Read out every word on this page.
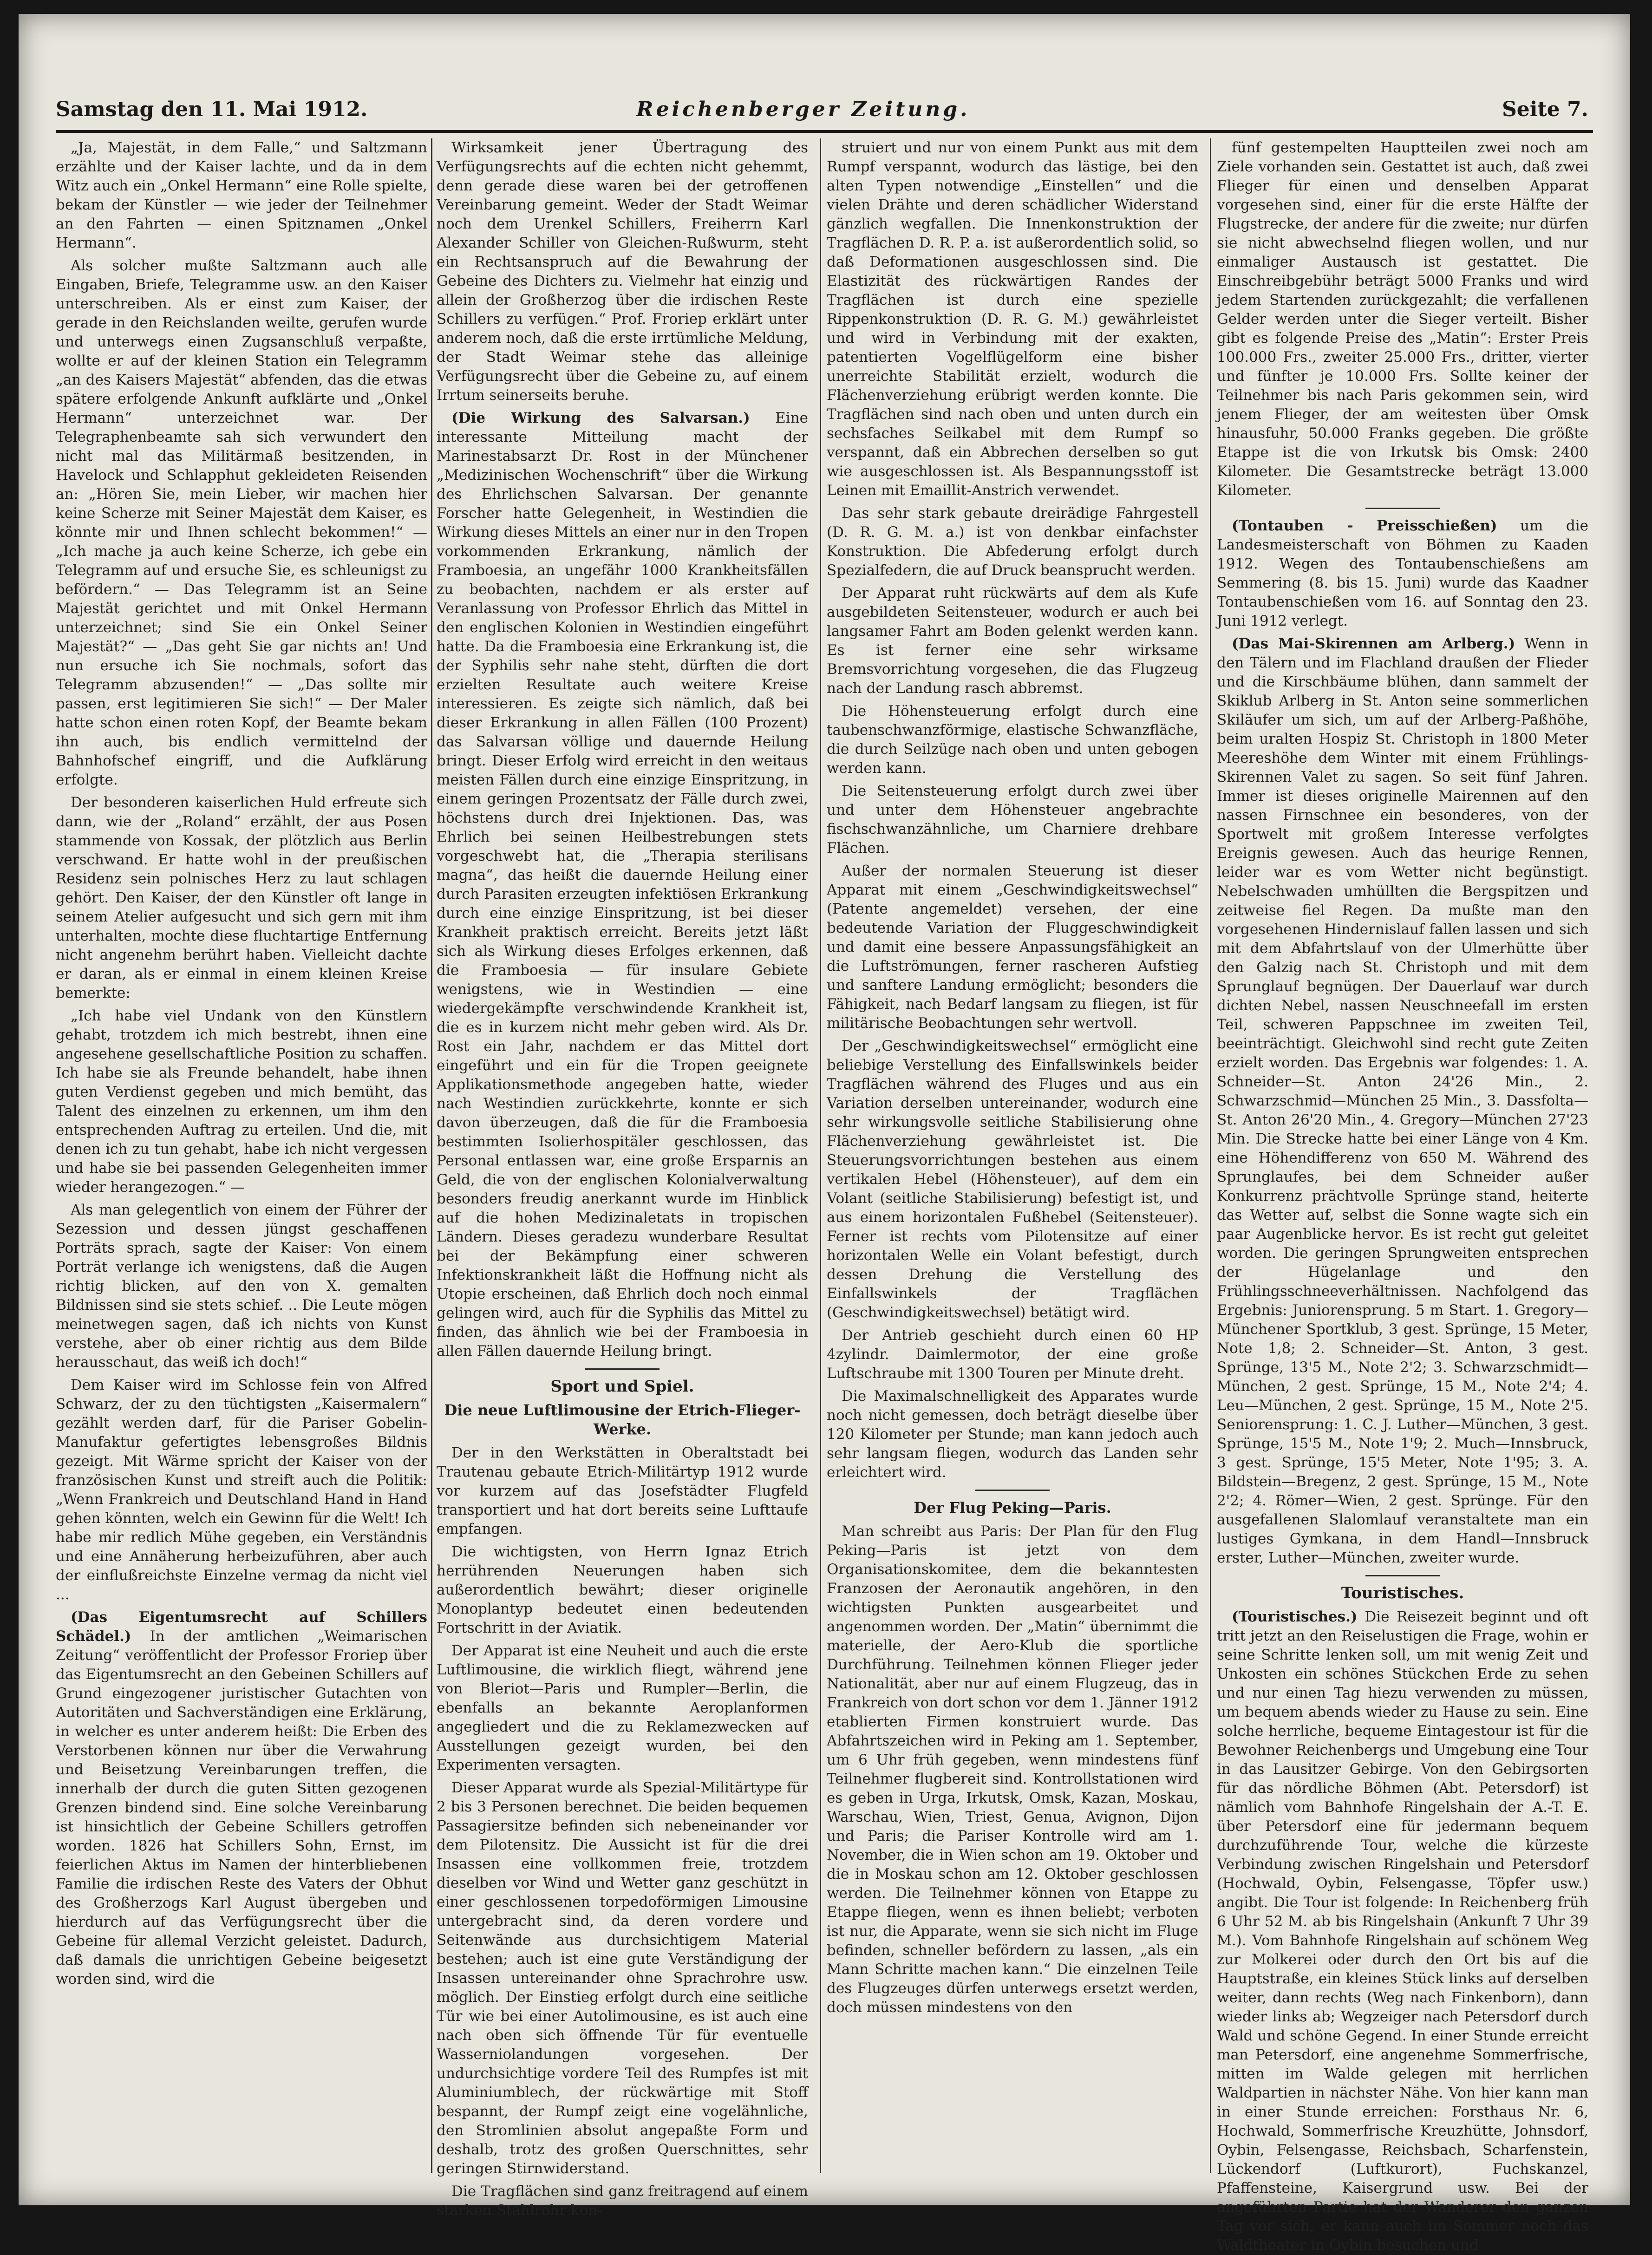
Samstag den 11. Mai 1912.	Reichenberger Zeitung.	Seite 7.

„Ja, Majestät, in dem Falle,“ und Saltzmann erzählte und der Kaiser lachte, und da in dem Witz auch ein „Onkel Hermann“ eine Rolle spielte, bekam der Künstler — wie jeder der Teilnehmer an den Fahrten — einen Spitznamen „Onkel Hermann“.

Als solcher mußte Saltzmann auch alle Eingaben, Briefe, Telegramme usw. an den Kaiser unterschreiben. Als er einst zum Kaiser, der gerade in den Reichslanden weilte, gerufen wurde und unterwegs einen Zugsanschluß verpaßte, wollte er auf der kleinen Station ein Telegramm „an des Kaisers Majestät“ abfenden, das die etwas spätere erfolgende Ankunft aufklärte und „Onkel Hermann“ unterzeichnet war. Der Telegraphenbeamte sah sich verwundert den nicht mal das Militärmaß besitzenden, in Havelock und Schlapphut gekleideten Reisenden an: „Hören Sie, mein Lieber, wir machen hier keine Scherze mit Seiner Majestät dem Kaiser, es könnte mir und Ihnen schlecht bekommen!“ — „Ich mache ja auch keine Scherze, ich gebe ein Telegramm auf und ersuche Sie, es schleunigst zu befördern.“ — Das Telegramm ist an Seine Majestät gerichtet und mit Onkel Hermann unterzeichnet; sind Sie ein Onkel Seiner Majestät?“ — „Das geht Sie gar nichts an! Und nun ersuche ich Sie nochmals, sofort das Telegramm abzusenden!“ — „Das sollte mir passen, erst legitimieren Sie sich!“ — Der Maler hatte schon einen roten Kopf, der Beamte bekam ihn auch, bis endlich vermittelnd der Bahnhofschef eingriff, und die Aufklärung erfolgte.

Der besonderen kaiserlichen Huld erfreute sich dann, wie der „Roland“ erzählt, der aus Posen stammende von Kossak, der plötzlich aus Berlin verschwand. Er hatte wohl in der preußischen Residenz sein polnisches Herz zu laut schlagen gehört. Den Kaiser, der den Künstler oft lange in seinem Atelier aufgesucht und sich gern mit ihm unterhalten, mochte diese fluchtartige Entfernung nicht angenehm berührt haben. Vielleicht dachte er daran, als er einmal in einem kleinen Kreise bemerkte:

„Ich habe viel Undank von den Künstlern gehabt, trotzdem ich mich bestrebt, ihnen eine angesehene gesellschaftliche Position zu schaffen. Ich habe sie als Freunde behandelt, habe ihnen guten Verdienst gegeben und mich bemüht, das Talent des einzelnen zu erkennen, um ihm den entsprechenden Auftrag zu erteilen. Und die, mit denen ich zu tun gehabt, habe ich nicht vergessen und habe sie bei passenden Gelegenheiten immer wieder herangezogen.“ —

Als man gelegentlich von einem der Führer der Sezession und dessen jüngst geschaffenen Porträts sprach, sagte der Kaiser: Von einem Porträt verlange ich wenigstens, daß die Augen richtig blicken, auf den von X. gemalten Bildnissen sind sie stets schief. .. Die Leute mögen meinetwegen sagen, daß ich nichts von Kunst verstehe, aber ob einer richtig aus dem Bilde herausschaut, das weiß ich doch!“

Dem Kaiser wird im Schlosse fein von Alfred Schwarz, der zu den tüchtigsten „Kaisermalern“ gezählt werden darf, für die Pariser Gobelin-Manufaktur gefertigtes lebensgroßes Bildnis gezeigt. Mit Wärme spricht der Kaiser von der französischen Kunst und streift auch die Politik: „Wenn Frankreich und Deutschland Hand in Hand gehen könnten, welch ein Gewinn für die Welt! Ich habe mir redlich Mühe gegeben, ein Verständnis und eine Annäherung herbeizuführen, aber auch der einflußreichste Einzelne vermag da nicht viel ...

(Das Eigentumsrecht auf Schillers Schädel.) In der amtlichen „Weimarischen Zeitung“ veröffentlicht der Professor Froriep über das Eigentumsrecht an den Gebeinen Schillers auf Grund eingezogener juristischer Gutachten von Autoritäten und Sachverständigen eine Erklärung, in welcher es unter anderem heißt: Die Erben des Verstorbenen können nur über die Verwahrung und Beisetzung Vereinbarungen treffen, die innerhalb der durch die guten Sitten gezogenen Grenzen bindend sind. Eine solche Vereinbarung ist hinsichtlich der Gebeine Schillers getroffen worden. 1826 hat Schillers Sohn, Ernst, im feierlichen Aktus im Namen der hinterbliebenen Familie die irdischen Reste des Vaters der Obhut des Großherzogs Karl August übergeben und hierdurch auf das Verfügungsrecht über die Gebeine für allemal Verzicht geleistet. Dadurch, daß damals die unrichtigen Gebeine beigesetzt worden sind, wird die

Wirksamkeit jener Übertragung des Verfügungsrechts auf die echten nicht gehemmt, denn gerade diese waren bei der getroffenen Vereinbarung gemeint. Weder der Stadt Weimar noch dem Urenkel Schillers, Freiherrn Karl Alexander Schiller von Gleichen-Rußwurm, steht ein Rechtsanspruch auf die Bewahrung der Gebeine des Dichters zu. Vielmehr hat einzig und allein der Großherzog über die irdischen Reste Schillers zu verfügen.“ Prof. Froriep erklärt unter anderem noch, daß die erste irrtümliche Meldung, der Stadt Weimar stehe das alleinige Verfügungsrecht über die Gebeine zu, auf einem Irrtum seinerseits beruhe.

(Die Wirkung des Salvarsan.) Eine interessante Mitteilung macht der Marinestabsarzt Dr. Rost in der Münchener „Medizinischen Wochenschrift“ über die Wirkung des Ehrlichschen Salvarsan. Der genannte Forscher hatte Gelegenheit, in Westindien die Wirkung dieses Mittels an einer nur in den Tropen vorkommenden Erkrankung, nämlich der Framboesia, an ungefähr 1000 Krankheitsfällen zu beobachten, nachdem er als erster auf Veranlassung von Professor Ehrlich das Mittel in den englischen Kolonien in Westindien eingeführt hatte. Da die Framboesia eine Erkrankung ist, die der Syphilis sehr nahe steht, dürften die dort erzielten Resultate auch weitere Kreise interessieren. Es zeigte sich nämlich, daß bei dieser Erkrankung in allen Fällen (100 Prozent) das Salvarsan völlige und dauernde Heilung bringt. Dieser Erfolg wird erreicht in den weitaus meisten Fällen durch eine einzige Einspritzung, in einem geringen Prozentsatz der Fälle durch zwei, höchstens durch drei Injektionen. Das, was Ehrlich bei seinen Heilbestrebungen stets vorgeschwebt hat, die „Therapia sterilisans magna“, das heißt die dauernde Heilung einer durch Parasiten erzeugten infektiösen Erkrankung durch eine einzige Einspritzung, ist bei dieser Krankheit praktisch erreicht. Bereits jetzt läßt sich als Wirkung dieses Erfolges erkennen, daß die Framboesia — für insulare Gebiete wenigstens, wie in Westindien — eine wiedergekämpfte verschwindende Krankheit ist, die es in kurzem nicht mehr geben wird. Als Dr. Rost ein Jahr, nachdem er das Mittel dort eingeführt und ein für die Tropen geeignete Applikationsmethode angegeben hatte, wieder nach Westindien zurückkehrte, konnte er sich davon überzeugen, daß die für die Framboesia bestimmten Isolierhospitäler geschlossen, das Personal entlassen war, eine große Ersparnis an Geld, die von der englischen Kolonialverwaltung besonders freudig anerkannt wurde im Hinblick auf die hohen Medizinaletats in tropischen Ländern. Dieses geradezu wunderbare Resultat bei der Bekämpfung einer schweren Infektionskrankheit läßt die Hoffnung nicht als Utopie erscheinen, daß Ehrlich doch noch einmal gelingen wird, auch für die Syphilis das Mittel zu finden, das ähnlich wie bei der Framboesia in allen Fällen dauernde Heilung bringt.

Sport und Spiel.
Die neue Luftlimousine der Etrich-Flieger-Werke.

Der in den Werkstätten in Oberaltstadt bei Trautenau gebaute Etrich-Militärtyp 1912 wurde vor kurzem auf das Josefstädter Flugfeld transportiert und hat dort bereits seine Lufttaufe empfangen.

Die wichtigsten, von Herrn Ignaz Etrich herrührenden Neuerungen haben sich außerordentlich bewährt; dieser originelle Monoplantyp bedeutet einen bedeutenden Fortschritt in der Aviatik.

Der Apparat ist eine Neuheit und auch die erste Luftlimousine, die wirklich fliegt, während jene von Bleriot—Paris und Rumpler—Berlin, die ebenfalls an bekannte Aeroplanformen angegliedert und die zu Reklamezwecken auf Ausstellungen gezeigt wurden, bei den Experimenten versagten.

Dieser Apparat wurde als Spezial-Militärtype für 2 bis 3 Personen berechnet. Die beiden bequemen Passagiersitze befinden sich nebeneinander vor dem Pilotensitz. Die Aussicht ist für die drei Insassen eine vollkommen freie, trotzdem dieselben vor Wind und Wetter ganz geschützt in einer geschlossenen torpedoförmigen Limousine untergebracht sind, da deren vordere und Seitenwände aus durchsichtigem Material bestehen; auch ist eine gute Verständigung der Insassen untereinander ohne Sprachrohre usw. möglich. Der Einstieg erfolgt durch eine seitliche Tür wie bei einer Autolimousine, es ist auch eine nach oben sich öffnende Tür für eventuelle Wasserniolandungen vorgesehen. Der undurchsichtige vordere Teil des Rumpfes ist mit Aluminiumblech, der rückwärtige mit Stoff bespannt, der Rumpf zeigt eine vogelähnliche, den Stromlinien absolut angepaßte Form und deshalb, trotz des großen Querschnittes, sehr geringen Stirnwiderstand.

Die Tragflächen sind ganz freitragend auf einem starken Stahlrohr kon-

struiert und nur von einem Punkt aus mit dem Rumpf verspannt, wodurch das lästige, bei den alten Typen notwendige „Einstellen“ und die vielen Drähte und deren schädlicher Widerstand gänzlich wegfallen. Die Innenkonstruktion der Tragflächen D. R. P. a. ist außerordentlich solid, so daß Deformationen ausgeschlossen sind. Die Elastizität des rückwärtigen Randes der Tragflächen ist durch eine spezielle Rippenkonstruktion (D. R. G. M.) gewährleistet und wird in Verbindung mit der exakten, patentierten Vogelflügelform eine bisher unerreichte Stabilität erzielt, wodurch die Flächenverziehung erübrigt werden konnte. Die Tragflächen sind nach oben und unten durch ein sechsfaches Seilkabel mit dem Rumpf so verspannt, daß ein Abbrechen derselben so gut wie ausgeschlossen ist. Als Bespannungsstoff ist Leinen mit Emaillit-Anstrich verwendet.

Das sehr stark gebaute dreirädige Fahrgestell (D. R. G. M. a.) ist von denkbar einfachster Konstruktion. Die Abfederung erfolgt durch Spezialfedern, die auf Druck beansprucht werden.

Der Apparat ruht rückwärts auf dem als Kufe ausgebildeten Seitensteuer, wodurch er auch bei langsamer Fahrt am Boden gelenkt werden kann. Es ist ferner eine sehr wirksame Bremsvorrichtung vorgesehen, die das Flugzeug nach der Landung rasch abbremst.

Die Höhensteuerung erfolgt durch eine taubenschwanzförmige, elastische Schwanzfläche, die durch Seilzüge nach oben und unten gebogen werden kann.

Die Seitensteuerung erfolgt durch zwei über und unter dem Höhensteuer angebrachte fischschwanzähnliche, um Charniere drehbare Flächen.

Außer der normalen Steuerung ist dieser Apparat mit einem „Geschwindigkeitswechsel“ (Patente angemeldet) versehen, der eine bedeutende Variation der Fluggeschwindigkeit und damit eine bessere Anpassungsfähigkeit an die Luftströmungen, ferner rascheren Aufstieg und sanftere Landung ermöglicht; besonders die Fähigkeit, nach Bedarf langsam zu fliegen, ist für militärische Beobachtungen sehr wertvoll.

Der „Geschwindigkeitswechsel“ ermöglicht eine beliebige Verstellung des Einfallswinkels beider Tragflächen während des Fluges und aus ein Variation derselben untereinander, wodurch eine sehr wirkungsvolle seitliche Stabilisierung ohne Flächenverziehung gewährleistet ist. Die Steuerungsvorrichtungen bestehen aus einem vertikalen Hebel (Höhensteuer), auf dem ein Volant (seitliche Stabilisierung) befestigt ist, und aus einem horizontalen Fußhebel (Seitensteuer). Ferner ist rechts vom Pilotensitze auf einer horizontalen Welle ein Volant befestigt, durch dessen Drehung die Verstellung des Einfallswinkels der Tragflächen (Geschwindigkeitswechsel) betätigt wird.

Der Antrieb geschieht durch einen 60 HP 4zylindr. Daimlermotor, der eine große Luftschraube mit 1300 Touren per Minute dreht.

Die Maximalschnelligkeit des Apparates wurde noch nicht gemessen, doch beträgt dieselbe über 120 Kilometer per Stunde; man kann jedoch auch sehr langsam fliegen, wodurch das Landen sehr erleichtert wird.

Der Flug Peking—Paris.

Man schreibt aus Paris: Der Plan für den Flug Peking—Paris ist jetzt von dem Organisationskomitee, dem die bekanntesten Franzosen der Aeronautik angehören, in den wichtigsten Punkten ausgearbeitet und angenommen worden. Der „Matin“ übernimmt die materielle, der Aero-Klub die sportliche Durchführung. Teilnehmen können Flieger jeder Nationalität, aber nur auf einem Flugzeug, das in Frankreich von dort schon vor dem 1. Jänner 1912 etablierten Firmen konstruiert wurde. Das Abfahrtszeichen wird in Peking am 1. September, um 6 Uhr früh gegeben, wenn mindestens fünf Teilnehmer flugbereit sind. Kontrollstationen wird es geben in Urga, Irkutsk, Omsk, Kazan, Moskau, Warschau, Wien, Triest, Genua, Avignon, Dijon und Paris; die Pariser Kontrolle wird am 1. November, die in Wien schon am 19. Oktober und die in Moskau schon am 12. Oktober geschlossen werden. Die Teilnehmer können von Etappe zu Etappe fliegen, wenn es ihnen beliebt; verboten ist nur, die Apparate, wenn sie sich nicht im Fluge befinden, schneller befördern zu lassen, „als ein Mann Schritte machen kann.“ Die einzelnen Teile des Flugzeuges dürfen unterwegs ersetzt werden, doch müssen mindestens von den

fünf gestempelten Hauptteilen zwei noch am Ziele vorhanden sein. Gestattet ist auch, daß zwei Flieger für einen und denselben Apparat vorgesehen sind, einer für die erste Hälfte der Flugstrecke, der andere für die zweite; nur dürfen sie nicht abwechselnd fliegen wollen, und nur einmaliger Austausch ist gestattet. Die Einschreibgebühr beträgt 5000 Franks und wird jedem Startenden zurückgezahlt; die verfallenen Gelder werden unter die Sieger verteilt. Bisher gibt es folgende Preise des „Matin“: Erster Preis 100.000 Frs., zweiter 25.000 Frs., dritter, vierter und fünfter je 10.000 Frs. Sollte keiner der Teilnehmer bis nach Paris gekommen sein, wird jenem Flieger, der am weitesten über Omsk hinausfuhr, 50.000 Franks gegeben. Die größte Etappe ist die von Irkutsk bis Omsk: 2400 Kilometer. Die Gesamtstrecke beträgt 13.000 Kilometer.

(Tontauben - Preisschießen) um die Landesmeisterschaft von Böhmen zu Kaaden 1912. Wegen des Tontaubenschießens am Semmering (8. bis 15. Juni) wurde das Kaadner Tontaubenschießen vom 16. auf Sonntag den 23. Juni 1912 verlegt.

(Das Mai-Skirennen am Arlberg.) Wenn in den Tälern und im Flachland draußen der Flieder und die Kirschbäume blühen, dann sammelt der Skiklub Arlberg in St. Anton seine sommerlichen Skiläufer um sich, um auf der Arlberg-Paßhöhe, beim uralten Hospiz St. Christoph in 1800 Meter Meereshöhe dem Winter mit einem Frühlings-Skirennen Valet zu sagen. So seit fünf Jahren. Immer ist dieses originelle Mairennen auf den nassen Firnschnee ein besonderes, von der Sportwelt mit großem Interesse verfolgtes Ereignis gewesen. Auch das heurige Rennen, leider war es vom Wetter nicht begünstigt. Nebelschwaden umhüllten die Bergspitzen und zeitweise fiel Regen. Da mußte man den vorgesehenen Hindernislauf fallen lassen und sich mit dem Abfahrtslauf von der Ulmerhütte über den Galzig nach St. Christoph und mit dem Sprunglauf begnügen. Der Dauerlauf war durch dichten Nebel, nassen Neuschneefall im ersten Teil, schweren Pappschnee im zweiten Teil, beeinträchtigt. Gleichwohl sind recht gute Zeiten erzielt worden. Das Ergebnis war folgendes: 1. A. Schneider—St. Anton 24'26 Min., 2. Schwarzschmid—München 25 Min., 3. Dassfolta—St. Anton 26'20 Min., 4. Gregory—München 27'23 Min. Die Strecke hatte bei einer Länge von 4 Km. eine Höhendifferenz von 650 M. Während des Sprunglaufes, bei dem Schneider außer Konkurrenz prächtvolle Sprünge stand, heiterte das Wetter auf, selbst die Sonne wagte sich ein paar Augenblicke hervor. Es ist recht gut geleitet worden. Die geringen Sprungweiten entsprechen der Hügelanlage und den Frühlingsschneeverhältnissen. Nachfolgend das Ergebnis: Juniorensprung. 5 m Start. 1. Gregory—Münchener Sportklub, 3 gest. Sprünge, 15 Meter, Note 1,8; 2. Schneider—St. Anton, 3 gest. Sprünge, 13'5 M., Note 2'2; 3. Schwarzschmidt—München, 2 gest. Sprünge, 15 M., Note 2'4; 4. Leu—München, 2 gest. Sprünge, 15 M., Note 2'5. Seniorensprung: 1. C. J. Luther—München, 3 gest. Sprünge, 15'5 M., Note 1'9; 2. Much—Innsbruck, 3 gest. Sprünge, 15'5 Meter, Note 1'95; 3. A. Bildstein—Bregenz, 2 gest. Sprünge, 15 M., Note 2'2; 4. Römer—Wien, 2 gest. Sprünge. Für den ausgefallenen Slalomlauf veranstaltete man ein lustiges Gymkana, in dem Handl—Innsbruck erster, Luther—München, zweiter wurde.

Touristisches.

(Touristisches.) Die Reisezeit beginnt und oft tritt jetzt an den Reiselustigen die Frage, wohin er seine Schritte lenken soll, um mit wenig Zeit und Unkosten ein schönes Stückchen Erde zu sehen und nur einen Tag hiezu verwenden zu müssen, um bequem abends wieder zu Hause zu sein. Eine solche herrliche, bequeme Eintagestour ist für die Bewohner Reichenbergs und Umgebung eine Tour in das Lausitzer Gebirge. Von den Gebirgsorten für das nördliche Böhmen (Abt. Petersdorf) ist nämlich vom Bahnhofe Ringelshain der A.-T. E. über Petersdorf eine für jedermann bequem durchzuführende Tour, welche die kürzeste Verbindung zwischen Ringelshain und Petersdorf (Hochwald, Oybin, Felsengasse, Töpfer usw.) angibt. Die Tour ist folgende: In Reichenberg früh 6 Uhr 52 M. ab bis Ringelshain (Ankunft 7 Uhr 39 M.). Vom Bahnhofe Ringelshain auf schönem Weg zur Molkerei oder durch den Ort bis auf die Hauptstraße, ein kleines Stück links auf derselben weiter, dann rechts (Weg nach Finkenborn), dann wieder links ab; Wegzeiger nach Petersdorf durch Wald und schöne Gegend. In einer Stunde erreicht man Petersdorf, eine angenehme Sommerfrische, mitten im Walde gelegen mit herrlichen Waldpartien in nächster Nähe. Von hier kann man in einer Stunde erreichen: Forsthaus Nr. 6, Hochwald, Sommerfrische Kreuzhütte, Johnsdorf, Oybin, Felsengasse, Reichsbach, Scharfenstein, Lückendorf (Luftkurort), Fuchskanzel, Pfaffensteine, Kaisergrund usw. Bei der angeführten Partie hat der Wanderer den ganzen Tag vor sich, er kann auch im Sommer noch das Waldtheater in Oybin besuchen und
